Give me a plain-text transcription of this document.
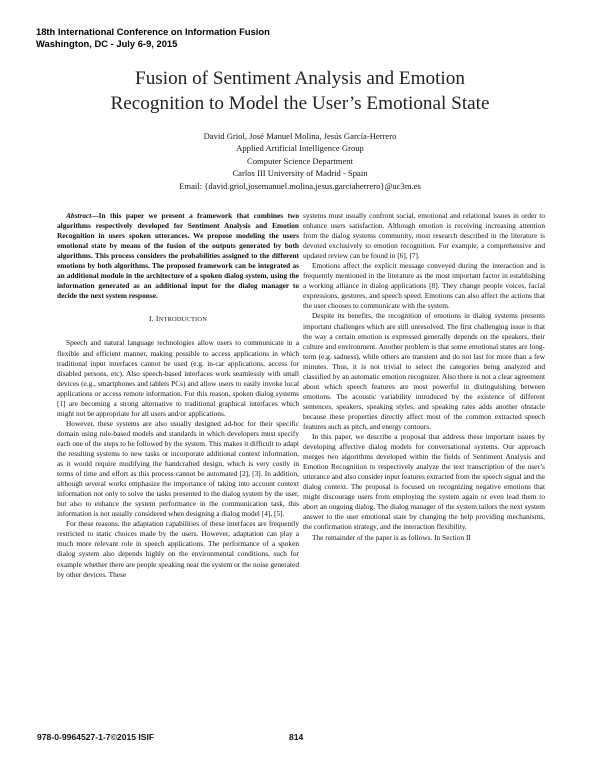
18th International Conference on Information Fusion
Washington, DC - July 6-9, 2015
Fusion of Sentiment Analysis and Emotion
Recognition to Model the User’s Emotional State
David Griol, José Manuel Molina, Jesús García-Herrero
Applied Artificial Intelligence Group
Computer Science Department
Carlos III University of Madrid - Spain
Email: {david.griol,josemanuel.molina,jesus.garciaherrero}@uc3m.es

Abstract—In this paper we present a framework that combines two algorithms respectively developed for Sentiment Analysis and Emotion Recognition in users spoken utterances. We propose modeling the users emotional state by means of the fusion of the outputs generated by both algorithms. This process considers the probabilities assigned to the different emotions by both algorithms. The proposed framework can be integrated as an additional module in the architecture of a spoken dialog system, using the information generated as an additional input for the dialog manager to decide the next system response.

I. INTRODUCTION

Speech and natural language technologies allow users to communicate in a flexible and efficient manner, making possible to access applications in which traditional input interfaces cannot be used (e.g. in-car applications, access for disabled persons, etc). Also speech-based interfaces work seamlessly with small devices (e.g., smartphones and tablets PCs) and allow users to easily invoke local applications or access remote information. For this reason, spoken dialog systems [1] are becoming a strong alternative to traditional graphical interfaces which might not be appropriate for all users and/or applications.

However, these systems are also usually designed ad-hoc for their specific domain using rule-based models and standards in which developers must specify each one of the steps to be followed by the system. This makes it difficult to adapt the resulting systems to new tasks or incorporate additional context information, as it would require modifying the handcrafted design, which is very costly in terms of time and effort as this process cannot be automated [2], [3]. In addition, although several works emphasize the importance of taking into account context information not only to solve the tasks presented to the dialog system by the user, but also to enhance the system performance in the communication task, this information is not usually considered when designing a dialog model [4], [5].

For these reasons, the adaptation capabilities of these interfaces are frequently restricted to static choices made by the users. However, adaptation can play a much more relevant role in speech applications. The performance of a spoken dialog system also depends highly on the environmental conditions, such for example whether there are people speaking near the system or the noise generated by other devices. These

systems must usually confront social, emotional and relational issues in order to enhance users satisfaction. Although emotion is receiving increasing attention from the dialog systems community, most research described in the literature is devoted exclusively to emotion recognition. For example, a comprehensive and updated review can be found in [6], [7].

Emotions affect the explicit message conveyed during the interaction and is frequently mentioned in the literature as the most important factor in establishing a working alliance in dialog applications [8]. They change people voices, facial expressions, gestures, and speech speed. Emotions can also affect the actions that the user chooses to communicate with the system.

Despite its benefits, the recognition of emotions in dialog systems presents important challenges which are still unresolved. The first challenging issue is that the way a certain emotion is expressed generally depends on the speakers, their culture and environment. Another problem is that some emotional states are long-term (e.g. sadness), while others are transient and do not last for more than a few minutes. Thus, it is not trivial to select the categories being analyzed and classified by an automatic emotion recognizer. Also there is not a clear agreement about which speech features are most powerful in distinguishing between emotions. The acoustic variability introduced by the existence of different sentences, speakers, speaking styles, and speaking rates adds another obstacle because these properties directly affect most of the common extracted speech features such as pitch, and energy contours.

In this paper, we describe a proposal that address these important issues by developing affective dialog models for conversational systems. Our approach merges two algorithms developed within the fields of Sentiment Analysis and Emotion Recognition to respectively analyze the text transcription of the user’s utterance and also consider input features extracted from the speech signal and the dialog context. The proposal is focused on recognizing negative emotions that might discourage users from employing the system again or even lead them to abort an ongoing dialog. The dialog manager of the system tailors the next system answer to the user emotional state by changing the help providing mechanisms, the confirmation strategy, and the interaction flexibility.

The remainder of the paper is as follows. In Section II

978-0-9964527-1-7©2015 ISIF	814
